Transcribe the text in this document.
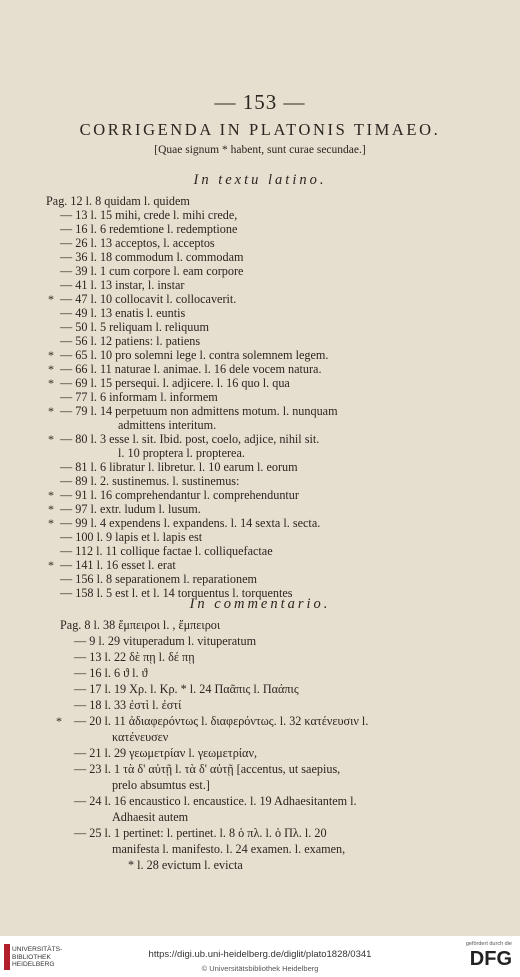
— 153 —
CORRIGENDA IN PLATONIS TIMAEO.
[Quae signum * habent, sunt curae secundae.]
In textu latino.
Pag. 12 l. 8 quidam l. quidem
— 13 l. 15 mihi, crede l. mihi crede,
— 16 l. 6 redemtione l. redemptione
— 26 l. 13 acceptos, l. acceptos
— 36 l. 18 commodum l. commodam
— 39 l. 1 cum corpore l. eam corpore
— 41 l. 13 instar, l. instar
— 47 l. 10 collocavit l. collocaverit.
— 49 l. 13 enatis l. euntis
— 50 l. 5 reliquam l. reliquum
— 56 l. 12 patiens: l. patiens
— 65 l. 10 pro solemni lege l. contra solemnem legem.
— 66 l. 11 naturae l. animae. l. 16 dele vocem natura.
— 69 l. 15 persequi. l. adjicere. l. 16 quo l. qua
— 77 l. 6 informam l. informem
— 79 l. 14 perpetuum non admittens motum. l. nunquam
admittens interitum.
— 80 l. 3 esse l. sit. Ibid. post, coelo, adjice, nihil sit.
l. 10 proptera l. propterea.
— 81 l. 6 libratur l. libretur. l. 10 earum l. eorum
— 89 l. 2. sustinemus. l. sustinemus:
— 91 l. 16 comprehendantur l. comprehenduntur
— 97 l. extr. ludum l. lusum.
— 99 l. 4 expendens l. expandens. l. 14 sexta l. secta.
— 100 l. 9 lapis et l. lapis est
— 112 l. 11 collique factae l. colliquefactae
— 141 l. 16 esset l. erat
— 156 l. 8 separationem l. reparationem
— 158 l. 5 est l. et l. 14 torquentus l. torquentes
*
*
*
*
*
*
*
*
*
*
In commentario.
Pag. 8 l. 38 ἔμπειροι l. , ἔμπειροι
— 9 l. 29 vituperadum l. vituperatum
— 13 l. 22 δὲ πῃ l. δέ πῃ
— 16 l. 6 ϑ l. ϑ
— 17 l. 19 Χρ. l. Κρ. * l. 24 Παᾶπις l. Παάπις
— 18 l. 33 ἐστὶ l. ἐστί
— 20 l. 11 ἀδιαφερόντως l. διαφερόντως. l. 32 κατένευσιν l.
κατένευσεν
— 21 l. 29 γεωμετρίαν l. γεωμετρίαν,
— 23 l. 1 τὰ δ' αὐτῇ l. τὰ δ' αὐτῇ [accentus, ut saepius,
prelo absumtus est.]
— 24 l. 16 encaustico l. encaustice. l. 19 Adhaesitantem l.
Adhaesit autem
— 25 l. 1 pertinet: l. pertinet. l. 8 ὁ πλ. l. ὁ Πλ. l. 20
manifesta l. manifesto. l. 24 examen. l. examen,
* l. 28 evictum l. evicta
*
UNIVERSITÄTS-
BIBLIOTHEK
HEIDELBERG
https://digi.ub.uni-heidelberg.de/diglit/plato1828/0341
© Universitätsbibliothek Heidelberg
gefördert durch die
DFG
